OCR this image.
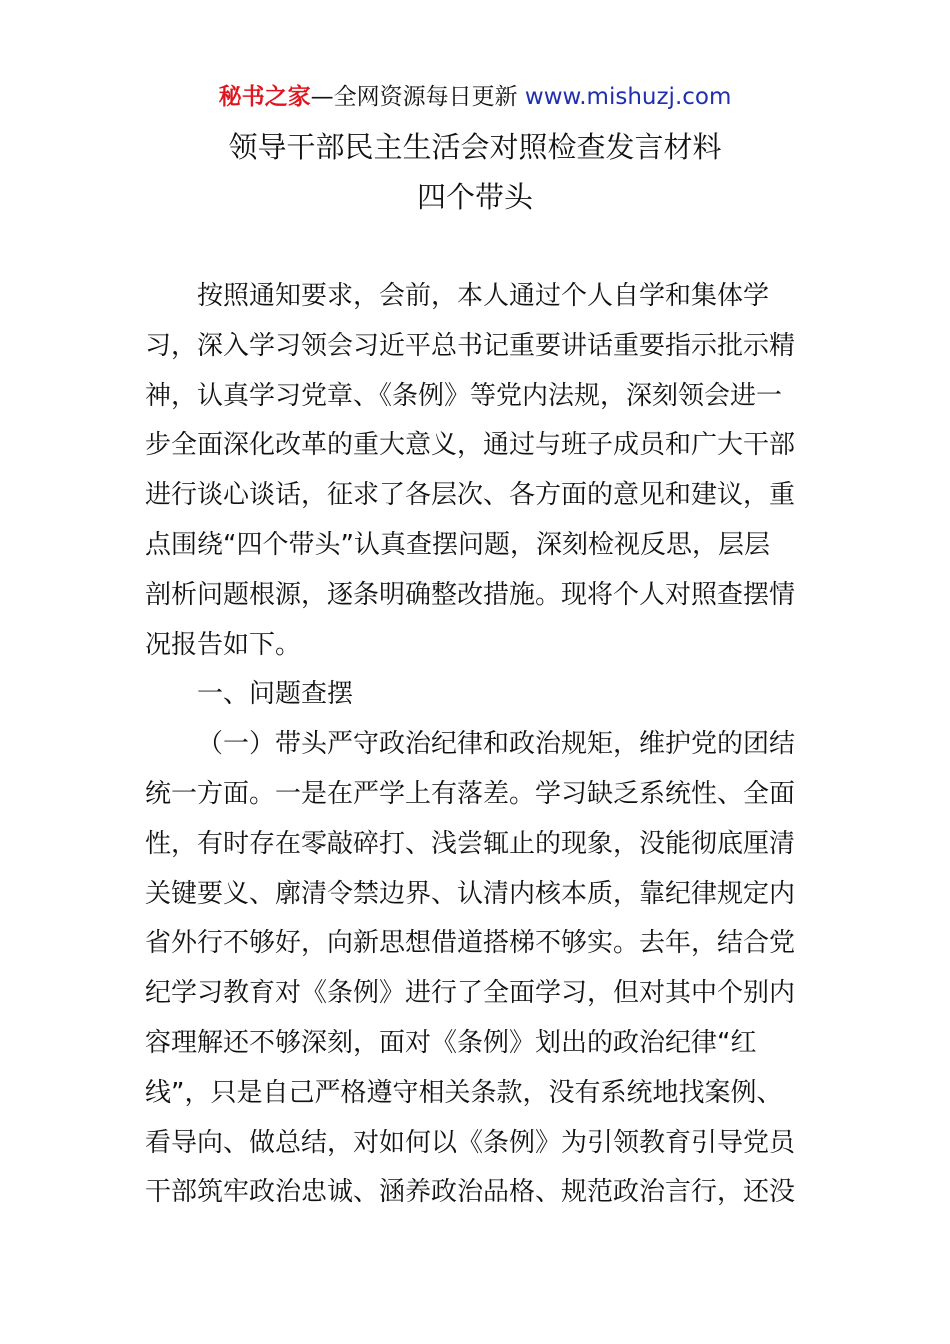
秘书之家—全网资源每日更新 www.mishuzj.com
领导干部民主生活会对照检查发言材料
四个带头
按照通知要求，会前，本人通过个人自学和集体学
习，深入学习领会习近平总书记重要讲话重要指示批示精
神，认真学习党章、《条例》等党内法规，深刻领会进一
步全面深化改革的重大意义，通过与班子成员和广大干部
进行谈心谈话，征求了各层次、各方面的意见和建议，重
点围绕“四个带头”认真查摆问题，深刻检视反思，层层
剖析问题根源，逐条明确整改措施。现将个人对照查摆情
况报告如下。
一、问题查摆
（一）带头严守政治纪律和政治规矩，维护党的团结
统一方面。一是在严学上有落差。学习缺乏系统性、全面
性，有时存在零敲碎打、浅尝辄止的现象，没能彻底厘清
关键要义、廓清令禁边界、认清内核本质，靠纪律规定内
省外行不够好，向新思想借道搭梯不够实。去年，结合党
纪学习教育对《条例》进行了全面学习，但对其中个别内
容理解还不够深刻，面对《条例》划出的政治纪律“红
线”，只是自己严格遵守相关条款，没有系统地找案例、
看导向、做总结，对如何以《条例》为引领教育引导党员
干部筑牢政治忠诚、涵养政治品格、规范政治言行，还没
